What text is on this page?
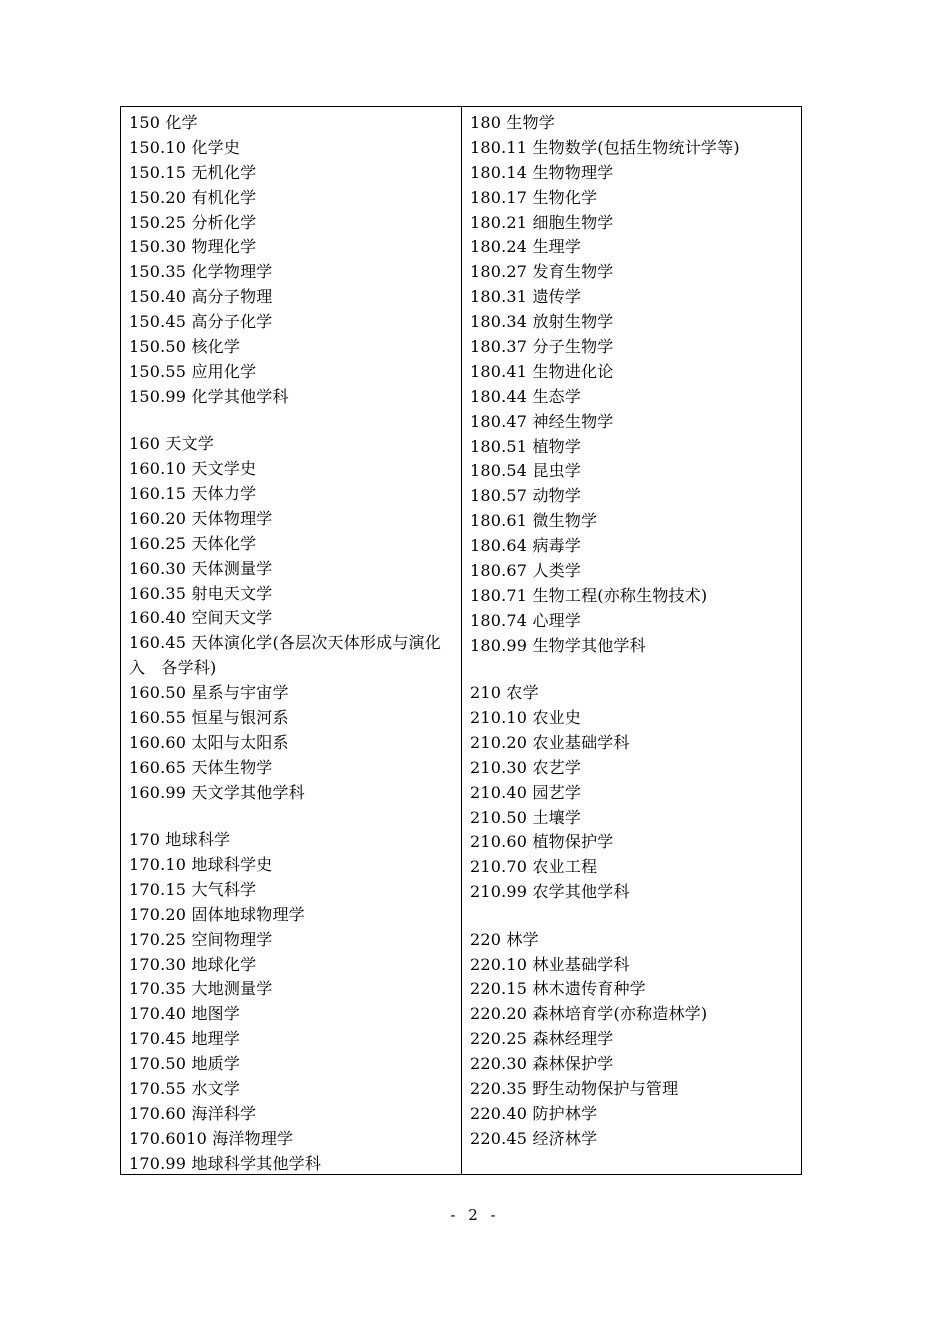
150 化学
150.10 化学史
150.15 无机化学
150.20 有机化学
150.25 分析化学
150.30 物理化学
150.35 化学物理学
150.40 高分子物理
150.45 高分子化学
150.50 核化学
150.55 应用化学
150.99 化学其他学科
160 天文学
160.10 天文学史
160.15 天体力学
160.20 天体物理学
160.25 天体化学
160.30 天体测量学
160.35 射电天文学
160.40 空间天文学
160.45 天体演化学(各层次天体形成与演化
入　各学科)
160.50 星系与宇宙学
160.55 恒星与银河系
160.60 太阳与太阳系
160.65 天体生物学
160.99 天文学其他学科
170 地球科学
170.10 地球科学史
170.15 大气科学
170.20 固体地球物理学
170.25 空间物理学
170.30 地球化学
170.35 大地测量学
170.40 地图学
170.45 地理学
170.50 地质学
170.55 水文学
170.60 海洋科学
170.6010 海洋物理学
170.99 地球科学其他学科
180 生物学
180.11 生物数学(包括生物统计学等)
180.14 生物物理学
180.17 生物化学
180.21 细胞生物学
180.24 生理学
180.27 发育生物学
180.31 遗传学
180.34 放射生物学
180.37 分子生物学
180.41 生物进化论
180.44 生态学
180.47 神经生物学
180.51 植物学
180.54 昆虫学
180.57 动物学
180.61 微生物学
180.64 病毒学
180.67 人类学
180.71 生物工程(亦称生物技术)
180.74 心理学
180.99 生物学其他学科
210 农学
210.10 农业史
210.20 农业基础学科
210.30 农艺学
210.40 园艺学
210.50 土壤学
210.60 植物保护学
210.70 农业工程
210.99 农学其他学科
220 林学
220.10 林业基础学科
220.15 林木遗传育种学
220.20 森林培育学(亦称造林学)
220.25 森林经理学
220.30 森林保护学
220.35 野生动物保护与管理
220.40 防护林学
220.45 经济林学
- 2 -
